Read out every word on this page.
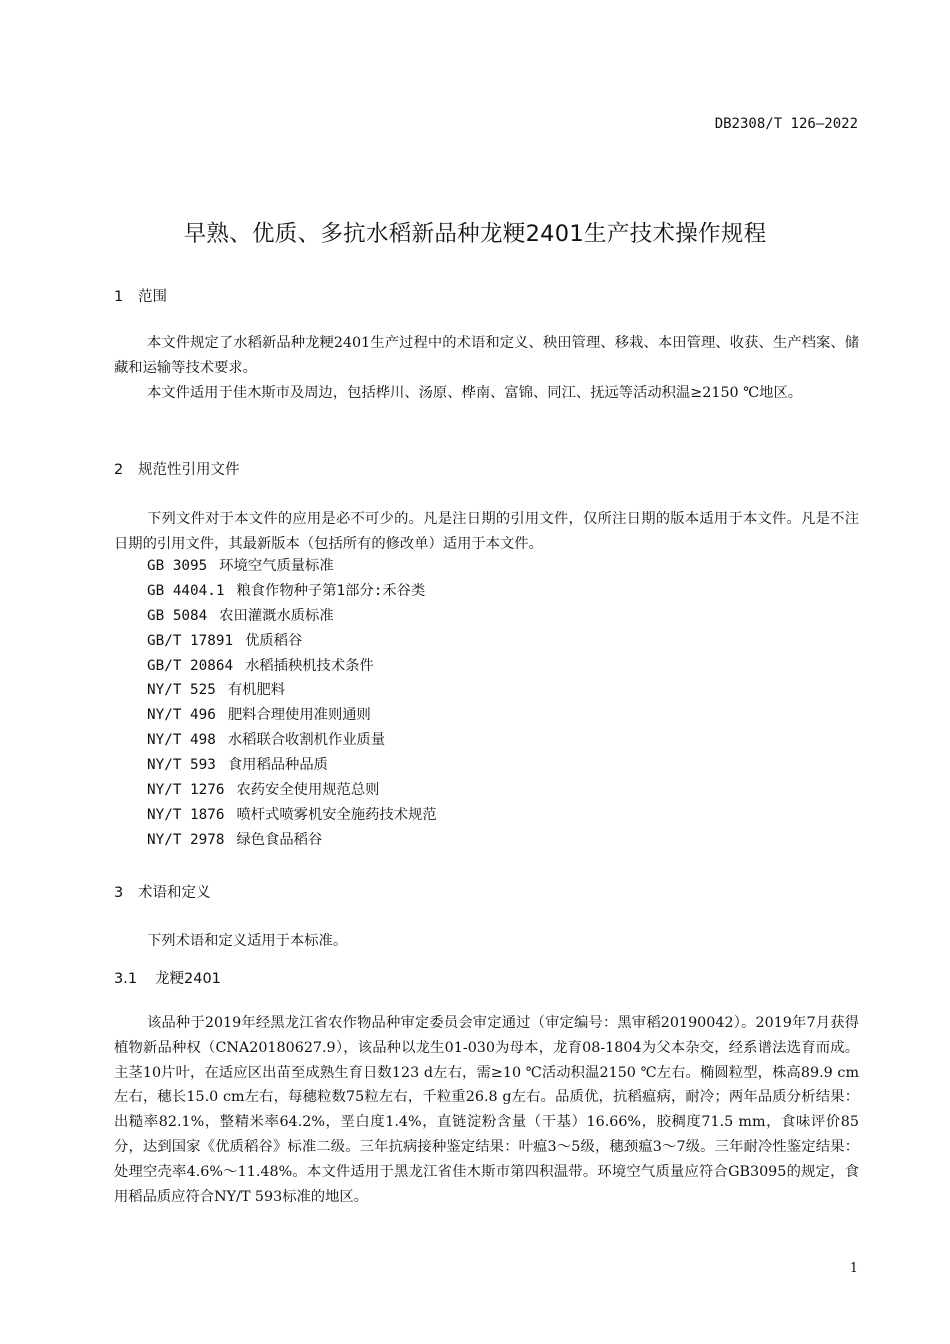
DB2308/T 126—2022
早熟、优质、多抗水稻新品种龙粳2401生产技术操作规程
1 范围

本文件规定了水稻新品种龙粳2401生产过程中的术语和定义、秧田管理、移栽、本田管理、收获、生产档案、储藏和运输等技术要求。

本文件适用于佳木斯市及周边，包括桦川、汤原、桦南、富锦、同江、抚远等活动积温≥2150 ℃地区。

2 规范性引用文件

下列文件对于本文件的应用是必不可少的。凡是注日期的引用文件，仅所注日期的版本适用于本文件。凡是不注日期的引用文件，其最新版本（包括所有的修改单）适用于本文件。

GB 3095 环境空气质量标准
GB 4404.1 粮食作物种子第1部分:禾谷类
GB 5084 农田灌溉水质标准
GB/T 17891 优质稻谷
GB/T 20864 水稻插秧机技术条件
NY/T 525 有机肥料
NY/T 496 肥料合理使用准则通则
NY/T 498 水稻联合收割机作业质量
NY/T 593 食用稻品种品质
NY/T 1276 农药安全使用规范总则
NY/T 1876 喷杆式喷雾机安全施药技术规范
NY/T 2978 绿色食品稻谷
3 术语和定义

下列术语和定义适用于本标准。

3.1 龙粳2401

该品种于2019年经黑龙江省农作物品种审定委员会审定通过（审定编号：黑审稻20190042）。2019年7月获得植物新品种权（CNA20180627.9），该品种以龙生01-030为母本，龙育08-1804为父本杂交，经系谱法选育而成。主茎10片叶，在适应区出苗至成熟生育日数123 d左右，需≥10 ℃活动积温2150 ℃左右。椭圆粒型，株高89.9 cm左右，穗长15.0 cm左右，每穗粒数75粒左右，千粒重26.8 g左右。品质优，抗稻瘟病，耐冷；两年品质分析结果：出糙率82.1%，整精米率64.2%，垩白度1.4%，直链淀粉含量（干基）16.66%，胶稠度71.5 mm，食味评价85分，达到国家《优质稻谷》标准二级。三年抗病接种鉴定结果：叶瘟3～5级，穗颈瘟3～7级。三年耐冷性鉴定结果：处理空壳率4.6%～11.48%。本文件适用于黑龙江省佳木斯市第四积温带。环境空气质量应符合GB3095的规定，食用稻品质应符合NY/T 593标准的地区。

1
